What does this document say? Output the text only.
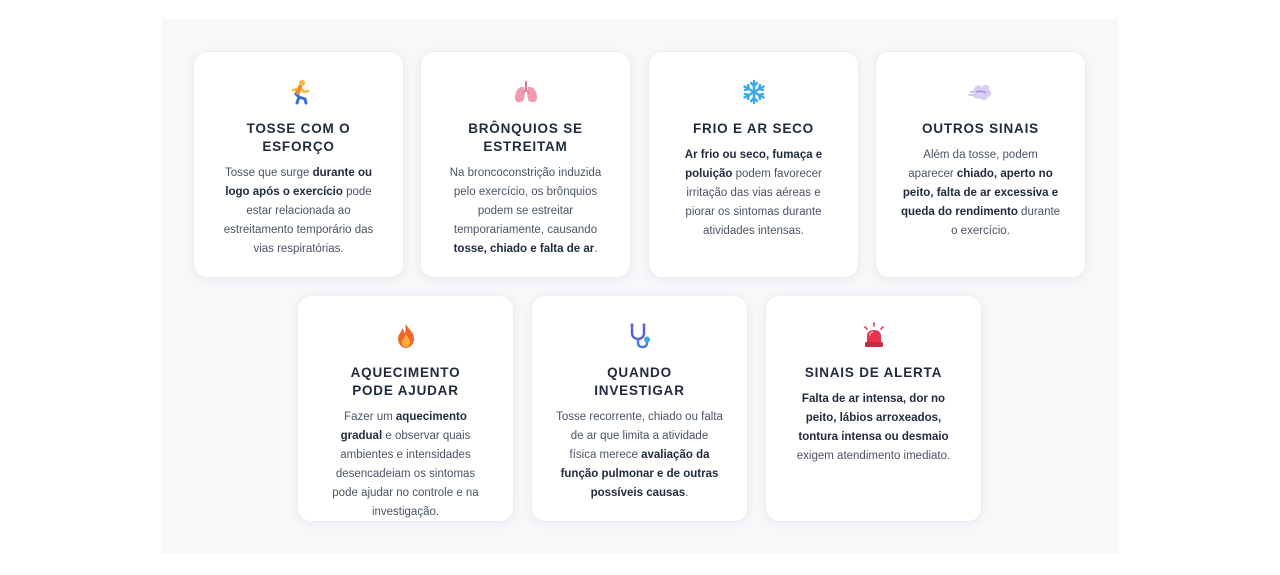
TOSSE COM O ESFORÇO
Tosse que surge durante ou logo após o exercício pode estar relacionada ao estreitamento temporário das vias respiratórias.
BRÔNQUIOS SE ESTREITAM
Na broncoconstrição induzida pelo exercício, os brônquios podem se estreitar temporariamente, causando tosse, chiado e falta de ar.
FRIO E AR SECO
Ar frio ou seco, fumaça e poluição podem favorecer irritação das vias aéreas e piorar os sintomas durante atividades intensas.
OUTROS SINAIS
Além da tosse, podem aparecer chiado, aperto no peito, falta de ar excessiva e queda do rendimento durante o exercício.
AQUECIMENTO PODE AJUDAR
Fazer um aquecimento gradual e observar quais ambientes e intensidades desencadeiam os sintomas pode ajudar no controle e na investigação.
QUANDO INVESTIGAR
Tosse recorrente, chiado ou falta de ar que limita a atividade física merece avaliação da função pulmonar e de outras possíveis causas.
SINAIS DE ALERTA
Falta de ar intensa, dor no peito, lábios arroxeados, tontura intensa ou desmaio exigem atendimento imediato.
